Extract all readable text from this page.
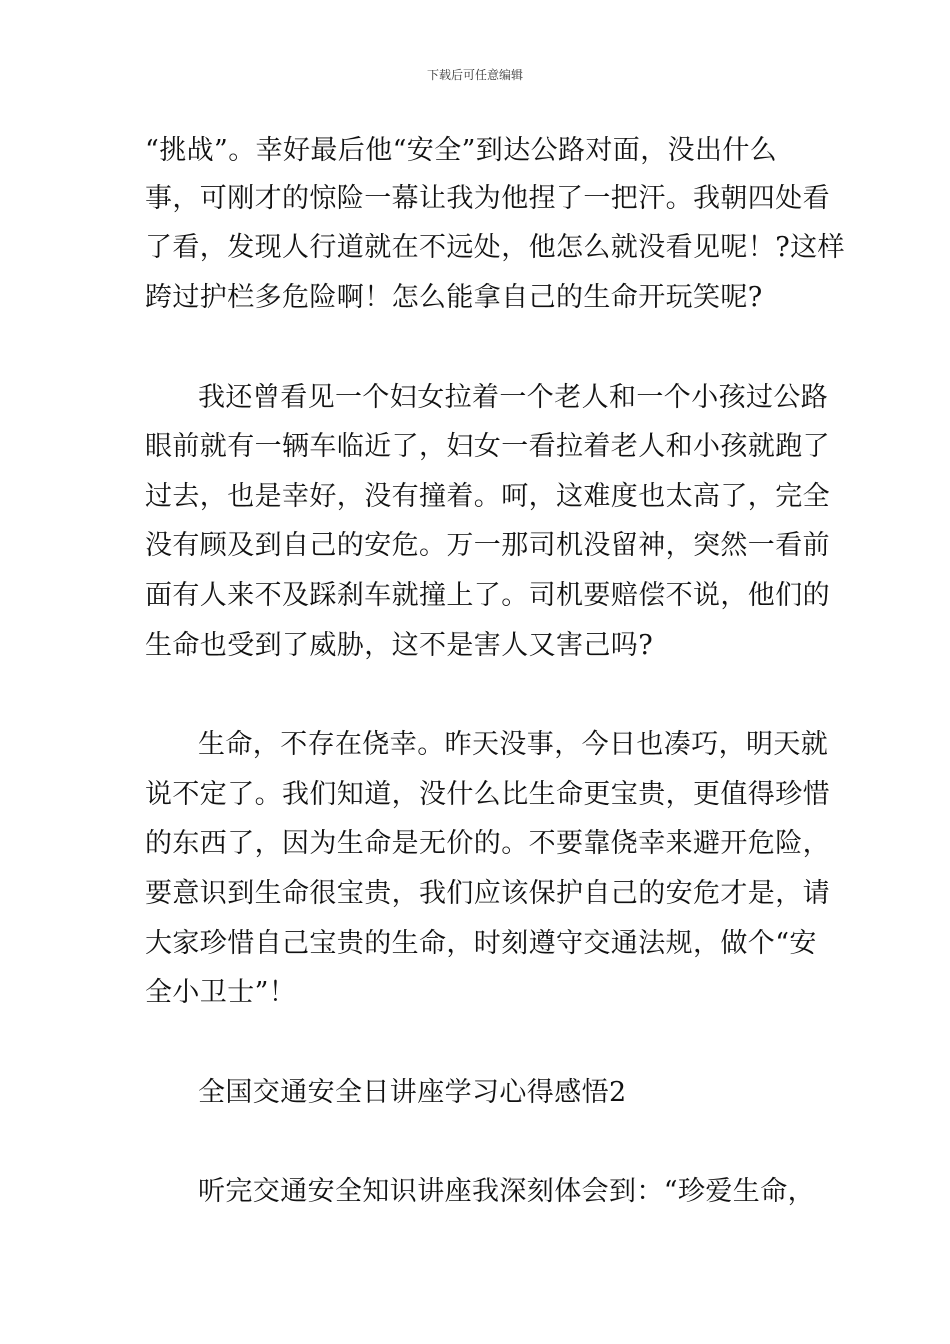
下载后可任意编辑
“挑战”。幸好最后他“安全”到达公路对面，没出什么
事，可刚才的惊险一幕让我为他捏了一把汗。我朝四处看
了看，发现人行道就在不远处，他怎么就没看见呢！?这样
跨过护栏多危险啊！怎么能拿自己的生命开玩笑呢?
我还曾看见一个妇女拉着一个老人和一个小孩过公路
眼前就有一辆车临近了，妇女一看拉着老人和小孩就跑了
过去，也是幸好，没有撞着。呵，这难度也太高了，完全
没有顾及到自己的安危。万一那司机没留神，突然一看前
面有人来不及踩刹车就撞上了。司机要赔偿不说，他们的
生命也受到了威胁，这不是害人又害己吗?
生命，不存在侥幸。昨天没事，今日也凑巧，明天就
说不定了。我们知道，没什么比生命更宝贵，更值得珍惜
的东西了，因为生命是无价的。不要靠侥幸来避开危险，
要意识到生命很宝贵，我们应该保护自己的安危才是，请
大家珍惜自己宝贵的生命，时刻遵守交通法规，做个“安
全小卫士”！
全国交通安全日讲座学习心得感悟2
听完交通安全知识讲座我深刻体会到：“珍爱生命，
